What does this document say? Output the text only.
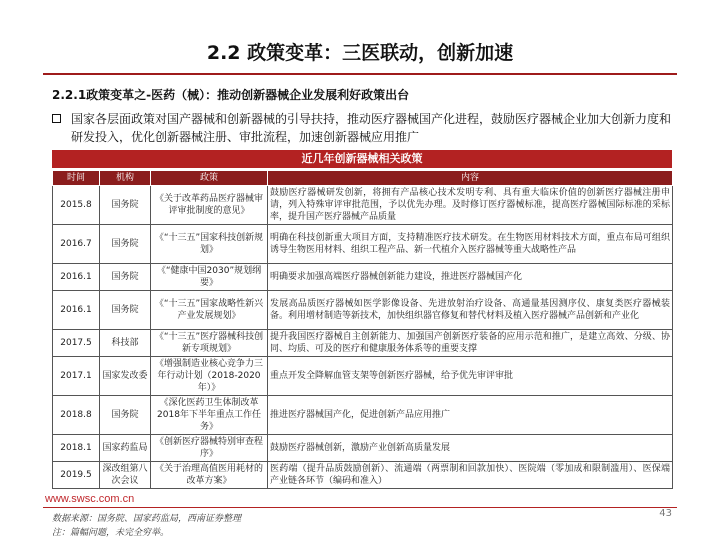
2.2 政策变革：三医联动，创新加速
2.2.1政策变革之-医药（械）：推动创新器械企业发展利好政策出台
国家各层面政策对国产器械和创新器械的引导扶持，推动医疗器械国产化进程，鼓励医疗器械企业加大创新力度和研发投入，优化创新器械注册、审批流程，加速创新器械应用推广
近几年创新器械相关政策
时间	机构	政策	内容
2015.8	国务院	《关于改革药品医疗器械审评审批制度的意见》	鼓励医疗器械研发创新，将拥有产品核心技术发明专利、具有重大临床价值的创新医疗器械注册申请，列入特殊审评审批范围，予以优先办理。及时修订医疗器械标准，提高医疗器械国际标准的采标率，提升国产医疗器械产品质量
2016.7	国务院	《“十三五”国家科技创新规划》	明确在科技创新重大项目方面，支持精准医疗技术研发。在生物医用材料技术方面，重点布局可组织诱导生物医用材料、组织工程产品、新一代植介入医疗器械等重大战略性产品
2016.1	国务院	《“健康中国2030”规划纲要》	明确要求加强高端医疗器械创新能力建设，推进医疗器械国产化
2016.1	国务院	《“十三五”国家战略性新兴产业发展规划》	发展高品质医疗器械如医学影像设备、先进放射治疗设备、高通量基因测序仪、康复类医疗器械装备。利用增材制造等新技术，加快组织器官修复和替代材料及植入医疗器械产品创新和产业化
2017.5	科技部	《“十三五”医疗器械科技创新专项规划》	提升我国医疗器械自主创新能力、加强国产创新医疗装备的应用示范和推广，是建立高效、分级、协同、均质、可及的医疗和健康服务体系等的重要支撑
2017.1	国家发改委	《增强制造业核心竞争力三年行动计划（2018-2020年）》	重点开发全降解血管支架等创新医疗器械，给予优先审评审批
2018.8	国务院	《深化医药卫生体制改革2018年下半年重点工作任务》	推进医疗器械国产化，促进创新产品应用推广
2018.1	国家药监局	《创新医疗器械特别审查程序》	鼓励医疗器械创新，激励产业创新高质量发展
2019.5	深改组第八次会议	《关于治理高值医用耗材的改革方案》	医药端（提升品质鼓励创新）、流通端（两票制和回款加快）、医院端（零加成和限制滥用）、医保端产业链各环节（编码和准入）
www.swsc.com.cn
43
数据来源：国务院、国家药监局，西南证券整理
注：篇幅问题，未完全穷举。
